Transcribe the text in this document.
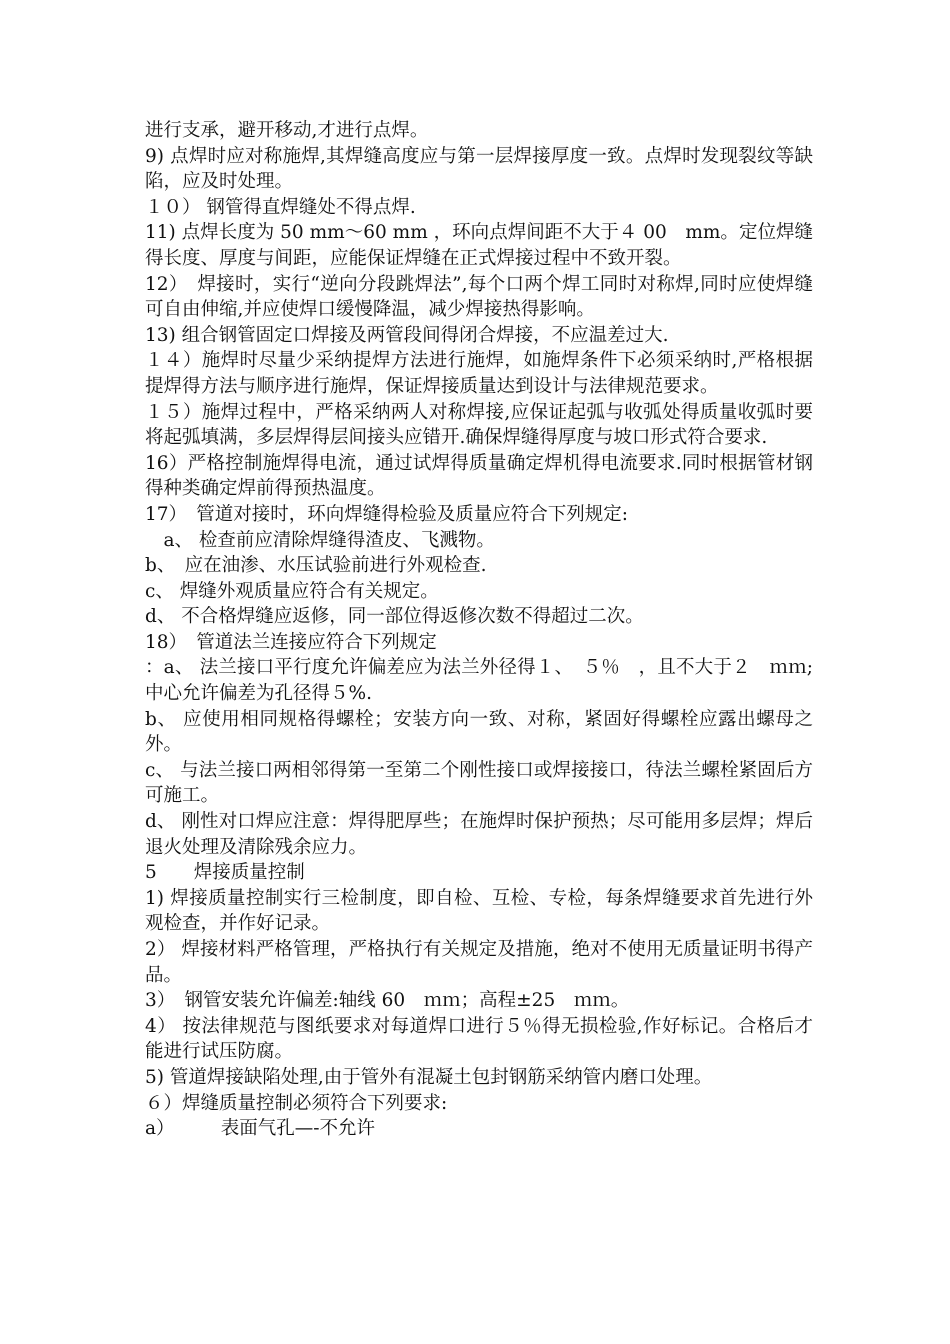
进行支承，避开移动,才进行点焊。

9) 点焊时应对称施焊,其焊缝高度应与第一层焊接厚度一致。点焊时发现裂纹等缺陷，应及时处理。

１０） 钢管得直焊缝处不得点焊.

11) 点焊长度为 50 mm～60 mm ，环向点焊间距不大于４ 00　mm。定位焊缝得长度、厚度与间距，应能保证焊缝在正式焊接过程中不致开裂。

12）　焊接时，实行“逆向分段跳焊法”,每个口两个焊工同时对称焊,同时应使焊缝可自由伸缩,并应使焊口缓慢降温，减少焊接热得影响。

13) 组合钢管固定口焊接及两管段间得闭合焊接，不应温差过大.

１４）施焊时尽量少采纳提焊方法进行施焊，如施焊条件下必须采纳时,严格根据提焊得方法与顺序进行施焊，保证焊接质量达到设计与法律规范要求。

１５）施焊过程中，严格采纳两人对称焊接,应保证起弧与收弧处得质量收弧时要将起弧填满，多层焊得层间接头应错开.确保焊缝得厚度与坡口形式符合要求.

16）严格控制施焊得电流，通过试焊得质量确定焊机得电流要求.同时根据管材钢得种类确定焊前得预热温度。

17）　管道对接时，环向焊缝得检验及质量应符合下列规定:

　a、 检查前应清除焊缝得渣皮、飞溅物。

b、　应在油渗、水压试验前进行外观检查.

c、 焊缝外观质量应符合有关规定。

d、 不合格焊缝应返修，同一部位得返修次数不得超过二次。

18）　管道法兰连接应符合下列规定

：a、 法兰接口平行度允许偏差应为法兰外径得１、　５％　，且不大于２　ｍｍ;中心允许偏差为孔径得５%.

b、 应使用相同规格得螺栓；安装方向一致、对称，紧固好得螺栓应露出螺母之外。

c、 与法兰接口两相邻得第一至第二个刚性接口或焊接接口，待法兰螺栓紧固后方可施工。

d、 刚性对口焊应注意：焊得肥厚些；在施焊时保护预热；尽可能用多层焊；焊后退火处理及清除残余应力。

5　　焊接质量控制

1) 焊接质量控制实行三检制度，即自检、互检、专检，每条焊缝要求首先进行外观检查，并作好记录。

2） 焊接材料严格管理，严格执行有关规定及措施，绝对不使用无质量证明书得产品。

3）　钢管安装允许偏差:轴线 60　ｍｍ；高程±25　ｍｍ。

4） 按法律规范与图纸要求对每道焊口进行５％得无损检验,作好标记。合格后才能进行试压防腐。

5) 管道焊接缺陷处理,由于管外有混凝土包封钢筋采纳管内磨口处理。

６）焊缝质量控制必须符合下列要求:

a）　　　表面气孔—-不允许
